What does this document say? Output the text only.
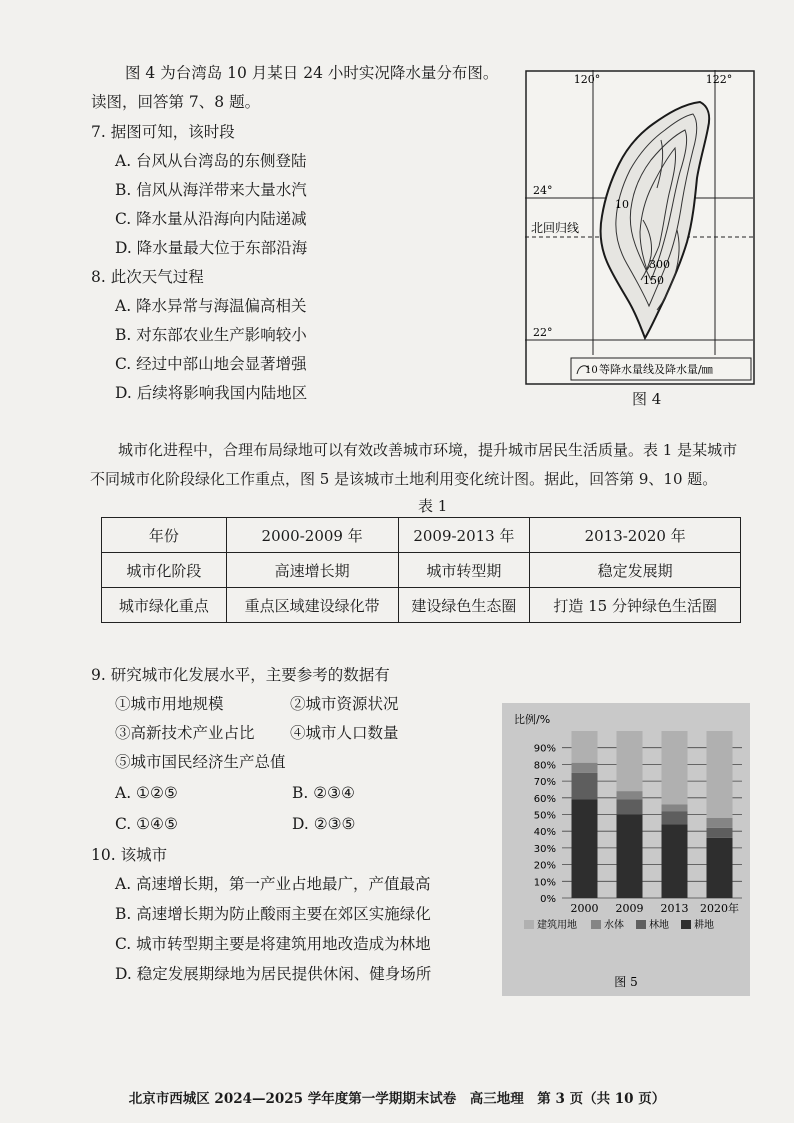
图 4 为台湾岛 10 月某日 24 小时实况降水量分布图。
读图，回答第 7、8 题。
7. 据图可知，该时段
A. 台风从台湾岛的东侧登陆
B. 信风从海洋带来大量水汽
C. 降水量从沿海向内陆递减
D. 降水量最大位于东部沿海
8. 此次天气过程
A. 降水异常与海温偏高相关
B. 对东部农业生产影响较小
C. 经过中部山地会显著增强
D. 后续将影响我国内陆地区
120°	122°
24°
北回归线
22°
10
300
150
10 等降水量线及降水量/㎜
图 4
城市化进程中，合理布局绿地可以有效改善城市环境，提升城市居民生活质量。表 1 是某城市
不同城市化阶段绿化工作重点，图 5 是该城市土地利用变化统计图。据此，回答第 9、10 题。
表 1
年份	2000-2009 年	2009-2013 年	2013-2020 年
城市化阶段	高速增长期	城市转型期	稳定发展期
城市绿化重点	重点区域建设绿化带	建设绿色生态圈	打造 15 分钟绿色生活圈
9. 研究城市化发展水平，主要参考的数据有
①城市用地规模	②城市资源状况
③高新技术产业占比 ④城市人口数量
⑤城市国民经济生产总值
A. ①②⑤	B. ②③④
C. ①④⑤	D. ②③⑤
10. 该城市
A. 高速增长期，第一产业占地最广，产值最高
B. 高速增长期为防止酸雨主要在郊区实施绿化
C. 城市转型期主要是将建筑用地改造成为林地
D. 稳定发展期绿地为居民提供休闲、健身场所
比例/%
0%
10%
20%
30%
40%
50%
60%
70%
80%
90%
2000 2009 2013 2020年
建筑用地	水体	林地	耕地
图 5
北京市西城区 2024—2025 学年度第一学期期末试卷　高三地理　第 3 页（共 10 页）
